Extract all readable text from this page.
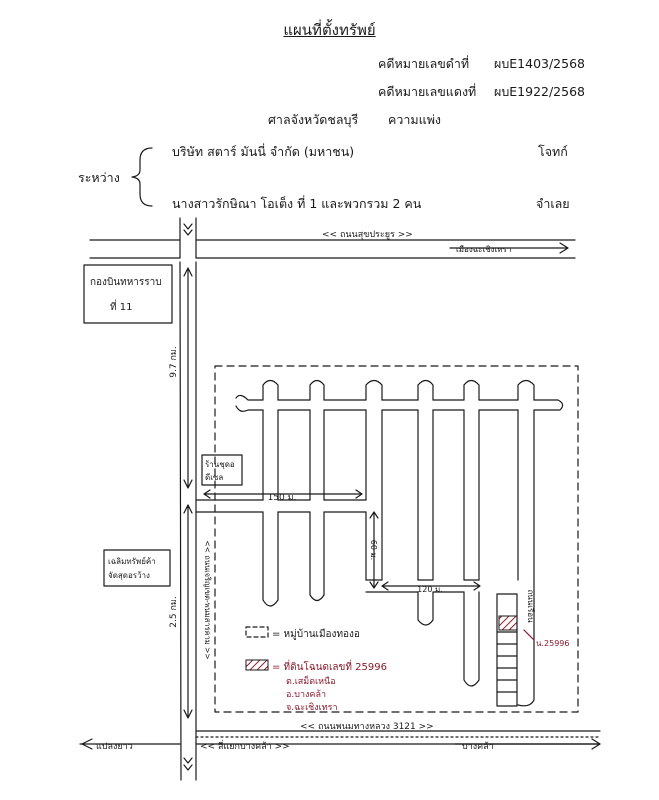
แผนที่ตั้งทรัพย์
คดีหมายเลขดำที่ ผบE1403/2568
คดีหมายเลขแดงที่ ผบE1922/2568
ศาลจังหวัดชลบุรี ความแพ่ง
ระหว่าง
บริษัท สตาร์ มันนี่ จำกัด (มหาชน)	โจทก์
นางสาวรักษิณา โอเต็ง ที่ 1 และพวกรวม 2 คน	จำเลย
<< ถนนสุขประยูร >>
เมืองฉะเชิงเทรา
กองบินทหารราบ
ที่ 11
9.7 กม.
2.5 กม.
ร้านชุดอ
ดีเซล
150 ม.
60 ม.
120 ม.
เฉลิมทรัพย์ค้า
จัดสุดอรว้าง	<< ถนนเจริญเขต-พนมสารคาม >>	ถนนเรือน
= หมู่บ้านเมืองทองอ
= ที่ดินโฉนดเลขที่ 25996
ต.เสม็ดเหนือ
อ.บางคล้า
จ.ฉะเชิงเทรา
น.25996
<< ถนนพนมทางหลวง 3121 >>
แปลงยาว	<< สี่แยกบางคล้า >>	บางคล้า
